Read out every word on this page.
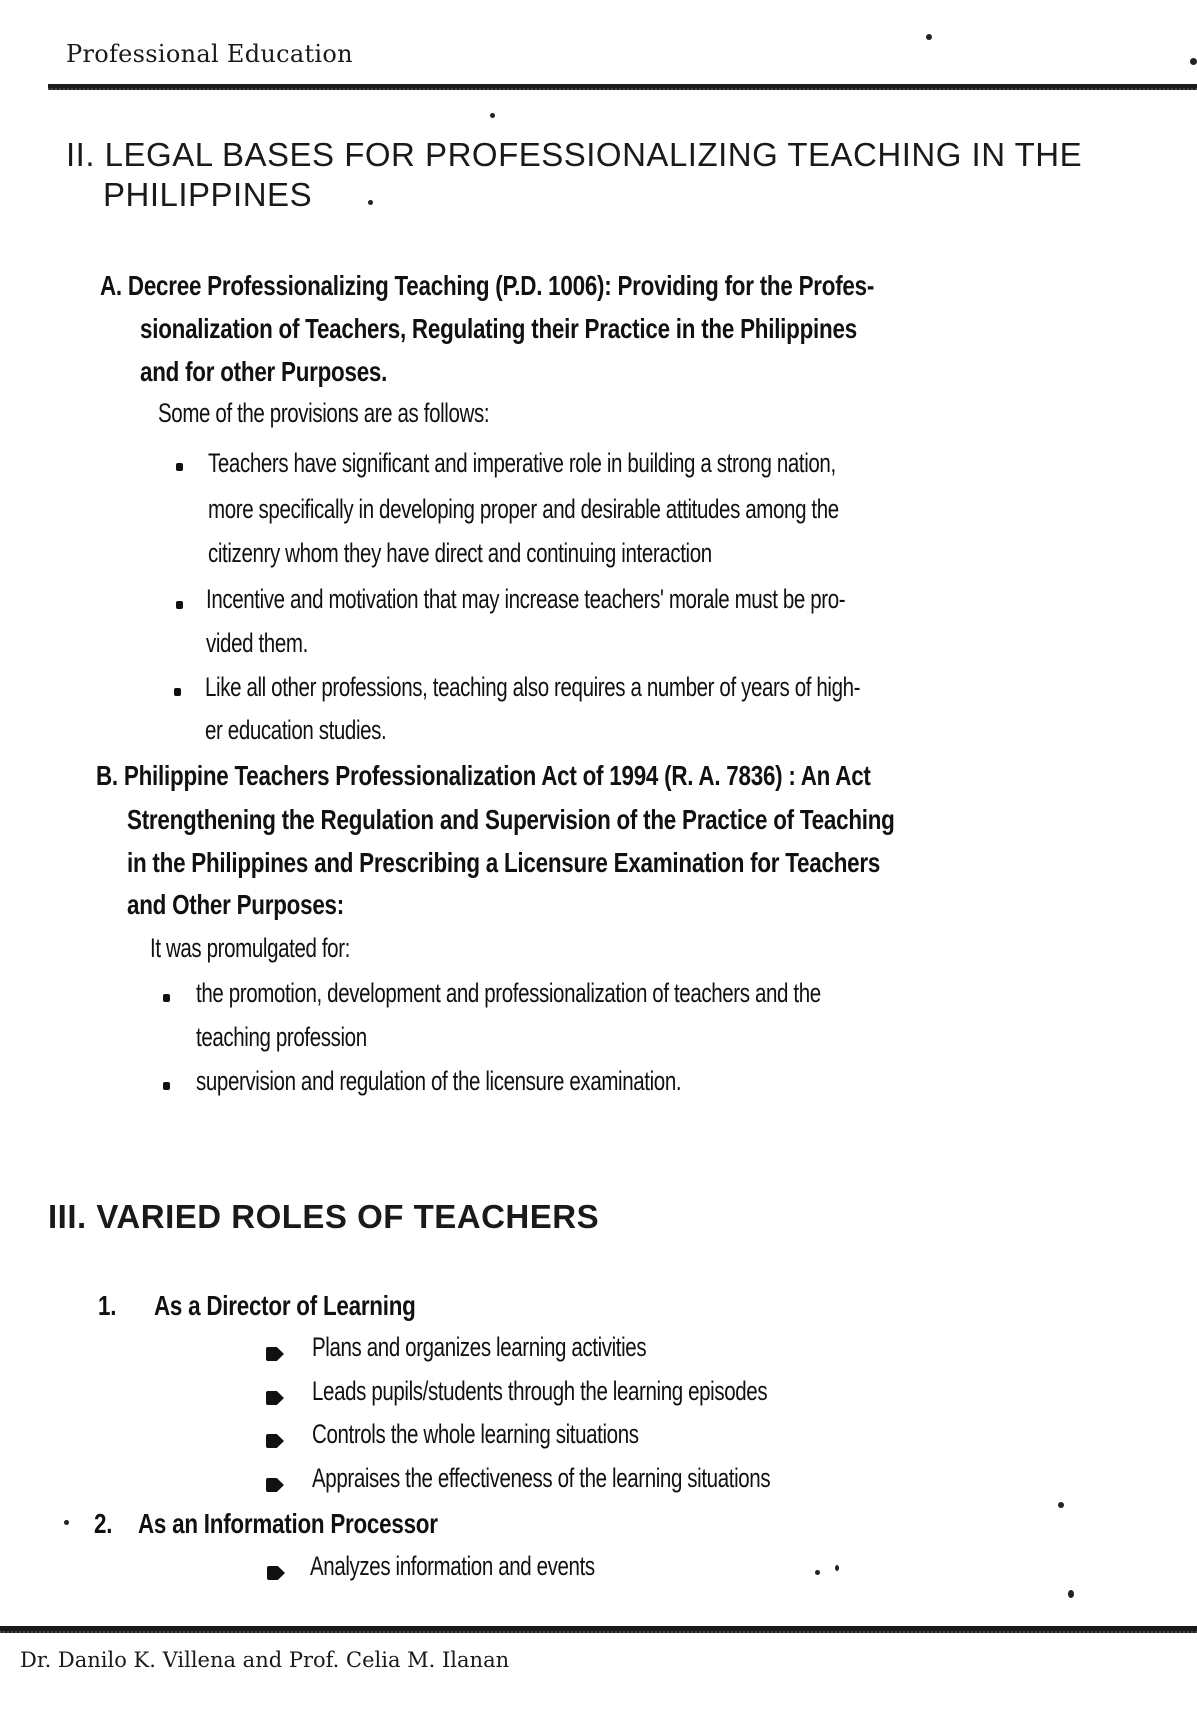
Professional Education
II. LEGAL BASES FOR PROFESSIONALIZING TEACHING IN THE
PHILIPPINES
A. Decree Professionalizing Teaching (P.D. 1006): Providing for the Profes-
sionalization of Teachers, Regulating their Practice in the Philippines
and for other Purposes.
Some of the provisions are as follows:
Teachers have significant and imperative role in building a strong nation,
more specifically in developing proper and desirable attitudes among the
citizenry whom they have direct and continuing interaction
Incentive and motivation that may increase teachers' morale must be pro-
vided them.
Like all other professions, teaching also requires a number of years of high-
er education studies.
B. Philippine Teachers Professionalization Act of 1994 (R. A. 7836) : An Act
Strengthening the Regulation and Supervision of the Practice of Teaching
in the Philippines and Prescribing a Licensure Examination for Teachers
and Other Purposes:
It was promulgated for:
the promotion, development and professionalization of teachers and the
teaching profession
supervision and regulation of the licensure examination.
III. VARIED ROLES OF TEACHERS
1. As a Director of Learning
Plans and organizes learning activities
Leads pupils/students through the learning episodes
Controls the whole learning situations
Appraises the effectiveness of the learning situations
2. As an Information Processor
Analyzes information and events
Dr. Danilo K. Villena and Prof. Celia M. Ilanan
